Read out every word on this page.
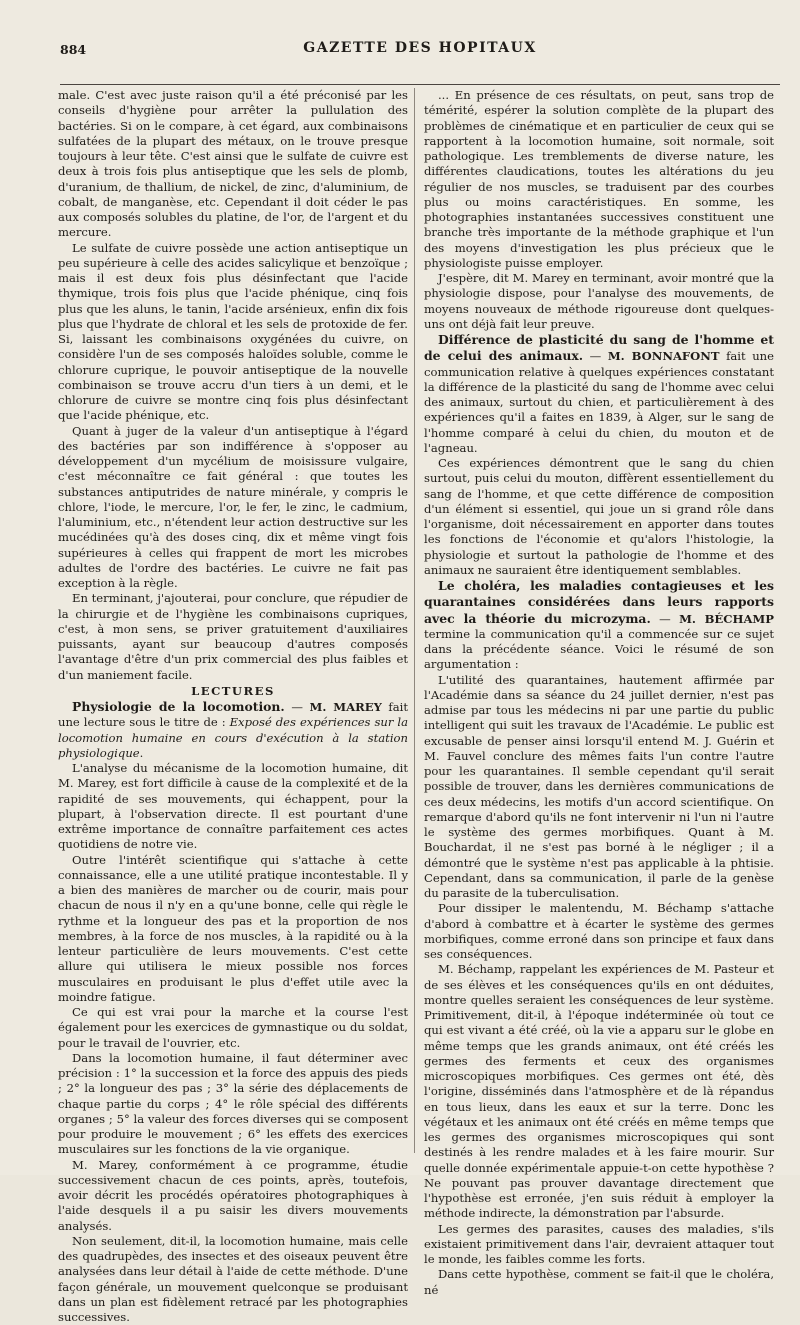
884	GAZETTE DES HOPITAUX

male. C'est avec juste raison qu'il a été préconisé par les conseils d'hygiène pour arrêter la pullulation des bactéries. Si on le compare, à cet égard, aux combinaisons sulfatées de la plupart des métaux, on le trouve presque toujours à leur tête. C'est ainsi que le sulfate de cuivre est deux à trois fois plus antiseptique que les sels de plomb, d'uranium, de thallium, de nickel, de zinc, d'aluminium, de cobalt, de manganèse, etc. Cependant il doit céder le pas aux composés solubles du platine, de l'or, de l'argent et du mercure.

Le sulfate de cuivre possède une action antiseptique un peu supérieure à celle des acides salicylique et benzoïque ; mais il est deux fois plus désinfectant que l'acide thymique, trois fois plus que l'acide phénique, cinq fois plus que les aluns, le tanin, l'acide arsénieux, enfin dix fois plus que l'hydrate de chloral et les sels de protoxide de fer. Si, laissant les combinaisons oxygénées du cuivre, on considère l'un de ses composés haloïdes soluble, comme le chlorure cuprique, le pouvoir antiseptique de la nouvelle combinaison se trouve accru d'un tiers à un demi, et le chlorure de cuivre se montre cinq fois plus désinfectant que l'acide phénique, etc.

Quant à juger de la valeur d'un antiseptique à l'égard des bactéries par son indifférence à s'opposer au développement d'un mycélium de moisissure vulgaire, c'est méconnaître ce fait général : que toutes les substances antiputrides de nature minérale, y compris le chlore, l'iode, le mercure, l'or, le fer, le zinc, le cadmium, l'aluminium, etc., n'étendent leur action destructive sur les mucédinées qu'à des doses cinq, dix et même vingt fois supérieures à celles qui frappent de mort les microbes adultes de l'ordre des bactéries. Le cuivre ne fait pas exception à la règle.

En terminant, j'ajouterai, pour conclure, que répudier de la chirurgie et de l'hygiène les combinaisons cupriques, c'est, à mon sens, se priver gratuitement d'auxiliaires puissants, ayant sur beaucoup d'autres composés l'avantage d'être d'un prix commercial des plus faibles et d'un maniement facile.

LECTURES

Physiologie de la locomotion. — M. MAREY fait une lecture sous le titre de : Exposé des expériences sur la locomotion humaine en cours d'exécution à la station physiologique.

L'analyse du mécanisme de la locomotion humaine, dit M. Marey, est fort difficile à cause de la complexité et de la rapidité de ses mouvements, qui échappent, pour la plupart, à l'observation directe. Il est pourtant d'une extrême importance de connaître parfaitement ces actes quotidiens de notre vie.

Outre l'intérêt scientifique qui s'attache à cette connaissance, elle a une utilité pratique incontestable. Il y a bien des manières de marcher ou de courir, mais pour chacun de nous il n'y en a qu'une bonne, celle qui règle le rythme et la longueur des pas et la proportion de nos membres, à la force de nos muscles, à la rapidité ou à la lenteur particulière de leurs mouvements. C'est cette allure qui utilisera le mieux possible nos forces musculaires en produisant le plus d'effet utile avec la moindre fatigue.

Ce qui est vrai pour la marche et la course l'est également pour les exercices de gymnastique ou du soldat, pour le travail de l'ouvrier, etc.

Dans la locomotion humaine, il faut déterminer avec précision : 1° la succession et la force des appuis des pieds ; 2° la longueur des pas ; 3° la série des déplacements de chaque partie du corps ; 4° le rôle spécial des différents organes ; 5° la valeur des forces diverses qui se composent pour produire le mouvement ; 6° les effets des exercices musculaires sur les fonctions de la vie organique.

M. Marey, conformément à ce programme, étudie successivement chacun de ces points, après, toutefois, avoir décrit les procédés opératoires photographiques à l'aide desquels il a pu saisir les divers mouvements analysés.

Non seulement, dit-il, la locomotion humaine, mais celle des quadrupèdes, des insectes et des oiseaux peuvent être analysées dans leur détail à l'aide de cette méthode. D'une façon générale, un mouvement quelconque se produisant dans un plan est fidèlement retracé par les photographies successives.

... En présence de ces résultats, on peut, sans trop de témérité, espérer la solution complète de la plupart des problèmes de cinématique et en particulier de ceux qui se rapportent à la locomotion humaine, soit normale, soit pathologique. Les tremblements de diverse nature, les différentes claudications, toutes les altérations du jeu régulier de nos muscles, se traduisent par des courbes plus ou moins caractéristiques. En somme, les photographies instantanées successives constituent une branche très importante de la méthode graphique et l'un des moyens d'investigation les plus précieux que le physiologiste puisse employer.

J'espère, dit M. Marey en terminant, avoir montré que la physiologie dispose, pour l'analyse des mouvements, de moyens nouveaux de méthode rigoureuse dont quelques-uns ont déjà fait leur preuve.

Différence de plasticité du sang de l'homme et de celui des animaux. — M. BONNAFONT fait une communication relative à quelques expériences constatant la différence de la plasticité du sang de l'homme avec celui des animaux, surtout du chien, et particulièrement à des expériences qu'il a faites en 1839, à Alger, sur le sang de l'homme comparé à celui du chien, du mouton et de l'agneau.

Ces expériences démontrent que le sang du chien surtout, puis celui du mouton, diffèrent essentiellement du sang de l'homme, et que cette différence de composition d'un élément si essentiel, qui joue un si grand rôle dans l'organisme, doit nécessairement en apporter dans toutes les fonctions de l'économie et qu'alors l'histologie, la physiologie et surtout la pathologie de l'homme et des animaux ne sauraient être identiquement semblables.

Le choléra, les maladies contagieuses et les quarantaines considérées dans leurs rapports avec la théorie du microzyma. — M. BÉCHAMP termine la communication qu'il a commencée sur ce sujet dans la précédente séance. Voici le résumé de son argumentation :

L'utilité des quarantaines, hautement affirmée par l'Académie dans sa séance du 24 juillet dernier, n'est pas admise par tous les médecins ni par une partie du public intelligent qui suit les travaux de l'Académie. Le public est excusable de penser ainsi lorsqu'il entend M. J. Guérin et M. Fauvel conclure des mêmes faits l'un contre l'autre pour les quarantaines. Il semble cependant qu'il serait possible de trouver, dans les dernières communications de ces deux médecins, les motifs d'un accord scientifique. On remarque d'abord qu'ils ne font intervenir ni l'un ni l'autre le système des germes morbifiques. Quant à M. Bouchardat, il ne s'est pas borné à le négliger ; il a démontré que le système n'est pas applicable à la phtisie. Cependant, dans sa communication, il parle de la genèse du parasite de la tuberculisation.

Pour dissiper le malentendu, M. Béchamp s'attache d'abord à combattre et à écarter le système des germes morbifiques, comme erroné dans son principe et faux dans ses conséquences.

M. Béchamp, rappelant les expériences de M. Pasteur et de ses élèves et les conséquences qu'ils en ont déduites, montre quelles seraient les conséquences de leur système. Primitivement, dit-il, à l'époque indéterminée où tout ce qui est vivant a été créé, où la vie a apparu sur le globe en même temps que les grands animaux, ont été créés les germes des ferments et ceux des organismes microscopiques morbifiques. Ces germes ont été, dès l'origine, disséminés dans l'atmosphère et de là répandus en tous lieux, dans les eaux et sur la terre. Donc les végétaux et les animaux ont été créés en même temps que les germes des organismes microscopiques qui sont destinés à les rendre malades et à les faire mourir. Sur quelle donnée expérimentale appuie-t-on cette hypothèse ? Ne pouvant pas prouver davantage directement que l'hypothèse est erronée, j'en suis réduit à employer la méthode indirecte, la démonstration par l'absurde.

Les germes des parasites, causes des maladies, s'ils existaient primitivement dans l'air, devraient attaquer tout le monde, les faibles comme les forts.

Dans cette hypothèse, comment se fait-il que le choléra, né
